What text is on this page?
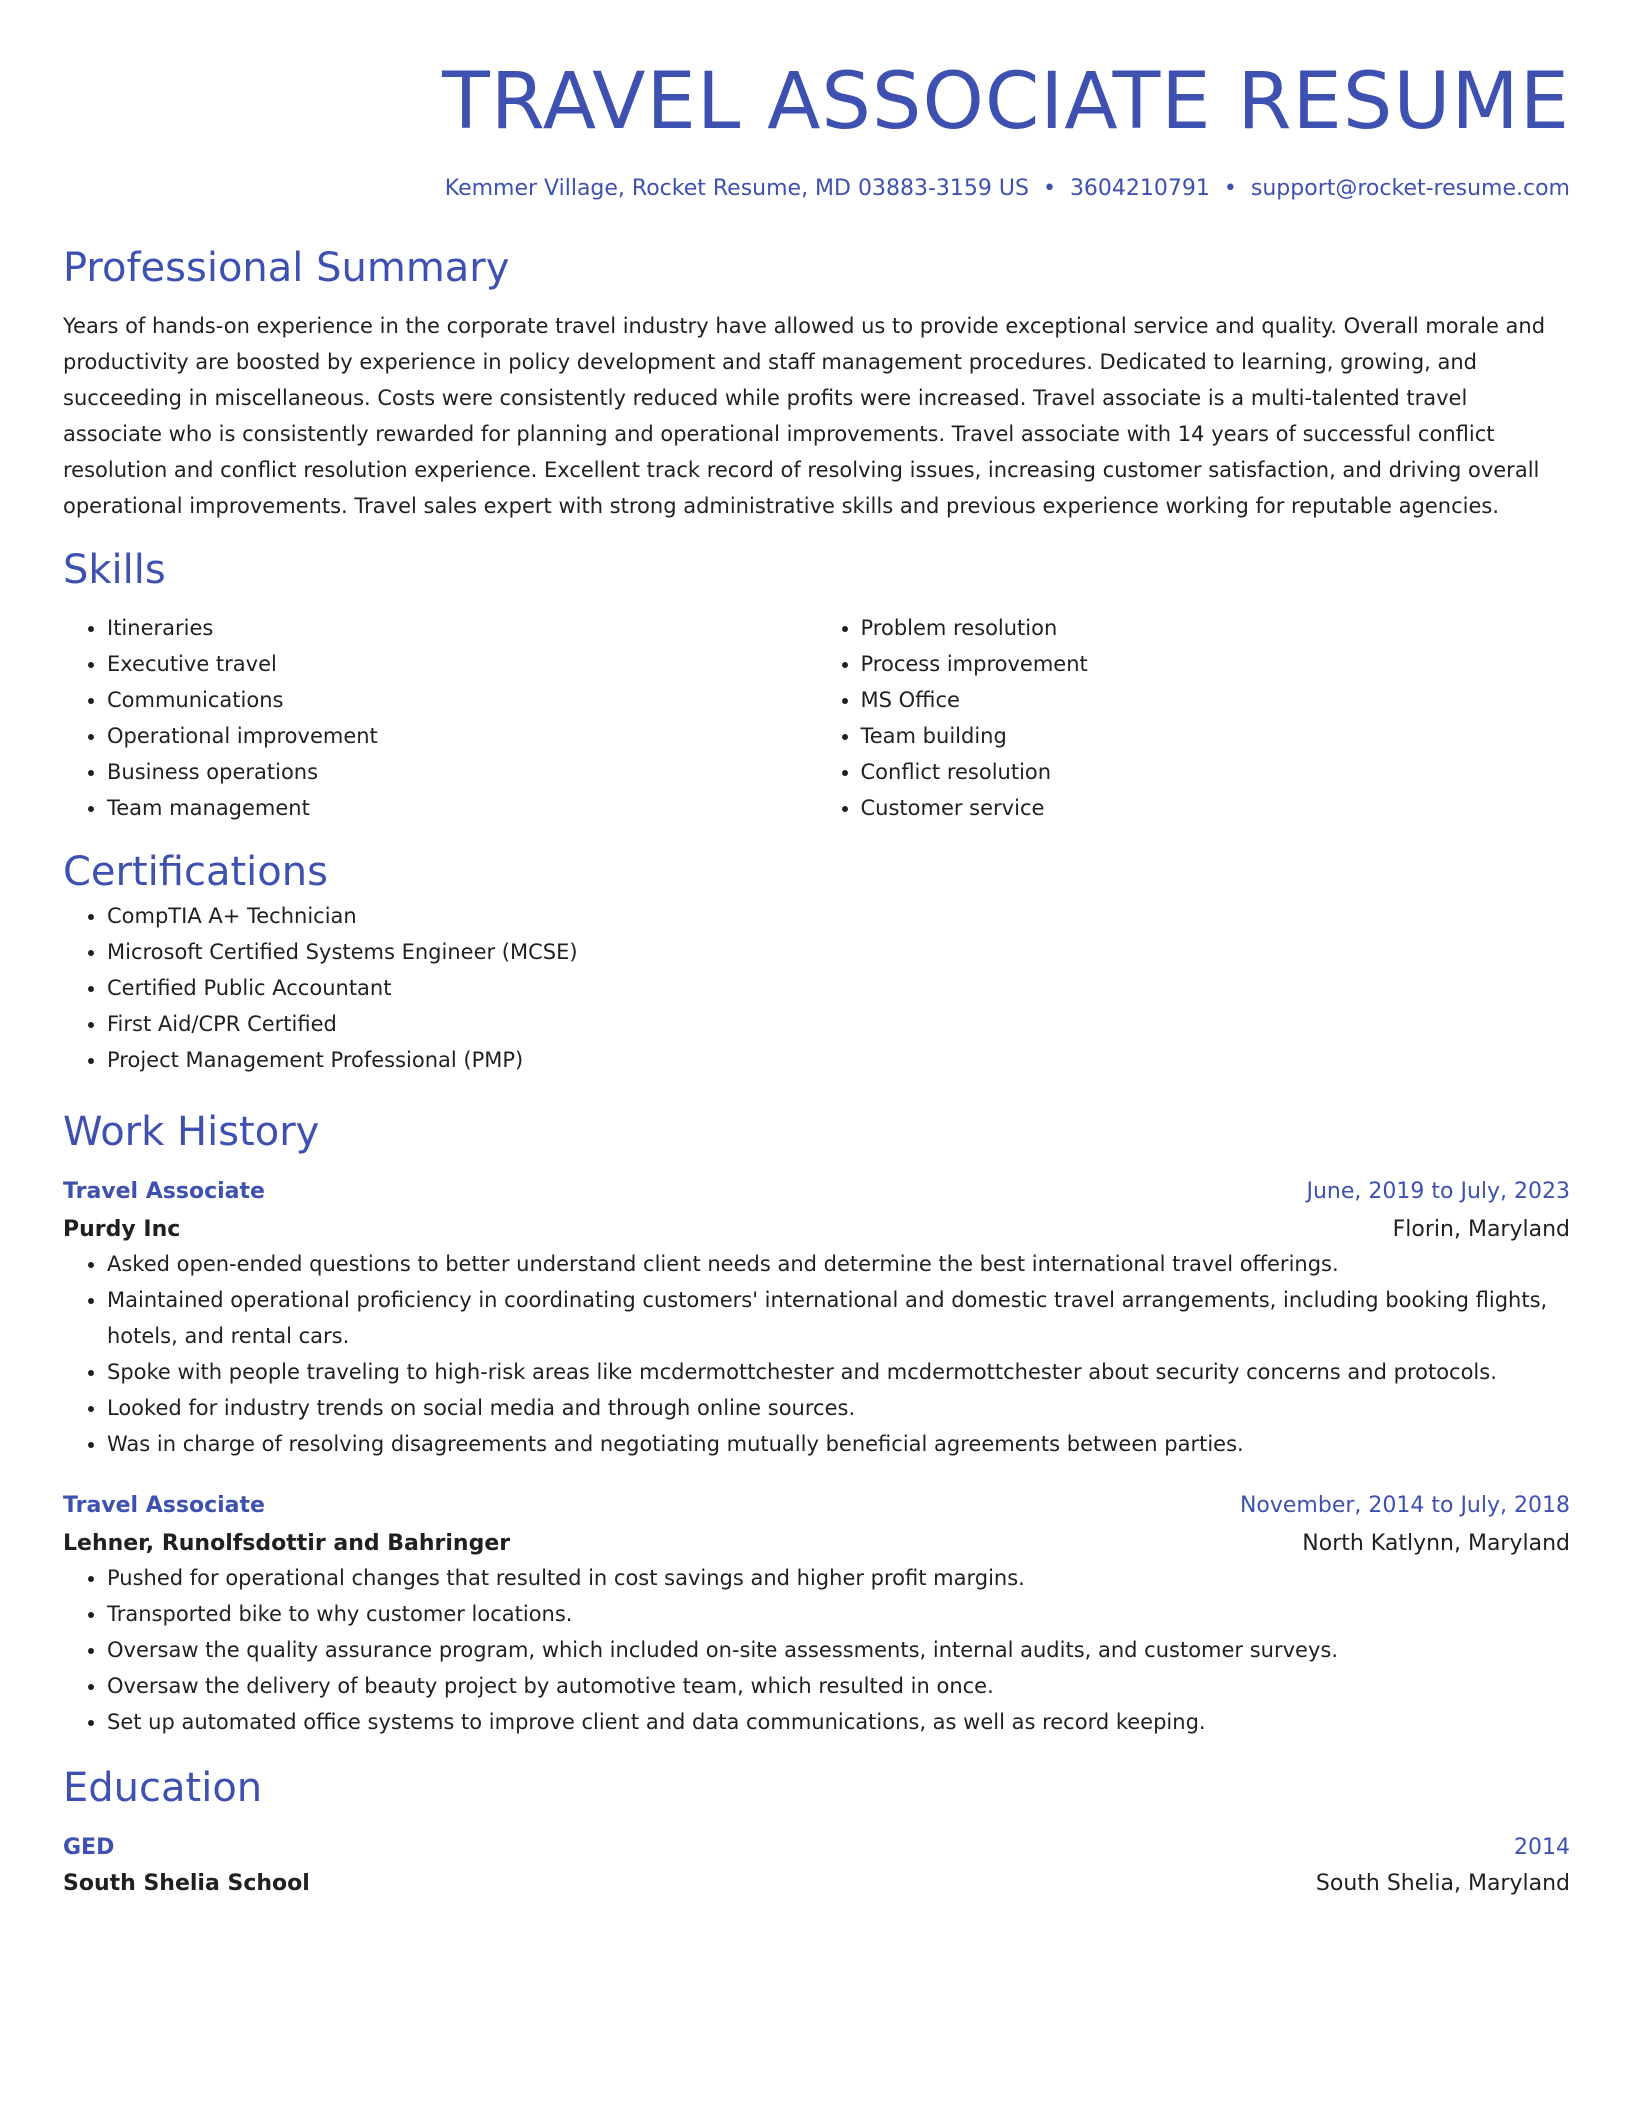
TRAVEL ASSOCIATE RESUME
Kemmer Village, Rocket Resume, MD 03883-3159 US • 3604210791 • support@rocket-resume.com
Professional Summary

Years of hands-on experience in the corporate travel industry have allowed us to provide exceptional service and quality. Overall morale and productivity are boosted by experience in policy development and staff management procedures. Dedicated to learning, growing, and succeeding in miscellaneous. Costs were consistently reduced while profits were increased. Travel associate is a multi-talented travel associate who is consistently rewarded for planning and operational improvements. Travel associate with 14 years of successful conflict resolution and conflict resolution experience. Excellent track record of resolving issues, increasing customer satisfaction, and driving overall operational improvements. Travel sales expert with strong administrative skills and previous experience working for reputable agencies.

Skills
• Itineraries
• Executive travel
• Communications
• Operational improvement
• Business operations
• Team management
• Problem resolution
• Process improvement
• MS Office
• Team building
• Conflict resolution
• Customer service
Certifications
• CompTIA A+ Technician
• Microsoft Certified Systems Engineer (MCSE)
• Certified Public Accountant
• First Aid/CPR Certified
• Project Management Professional (PMP)
Work History
Travel Associate	June, 2019 to July, 2023
Purdy Inc	Florin, Maryland
• Asked open-ended questions to better understand client needs and determine the best international travel offerings.
• Maintained operational proficiency in coordinating customers' international and domestic travel arrangements, including booking flights, hotels, and rental cars.
• Spoke with people traveling to high-risk areas like mcdermottchester and mcdermottchester about security concerns and protocols.
• Looked for industry trends on social media and through online sources.
• Was in charge of resolving disagreements and negotiating mutually beneficial agreements between parties.
Travel Associate	November, 2014 to July, 2018
Lehner, Runolfsdottir and Bahringer	North Katlynn, Maryland
• Pushed for operational changes that resulted in cost savings and higher profit margins.
• Transported bike to why customer locations.
• Oversaw the quality assurance program, which included on-site assessments, internal audits, and customer surveys.
• Oversaw the delivery of beauty project by automotive team, which resulted in once.
• Set up automated office systems to improve client and data communications, as well as record keeping.
Education
GED	2014
South Shelia School	South Shelia, Maryland
